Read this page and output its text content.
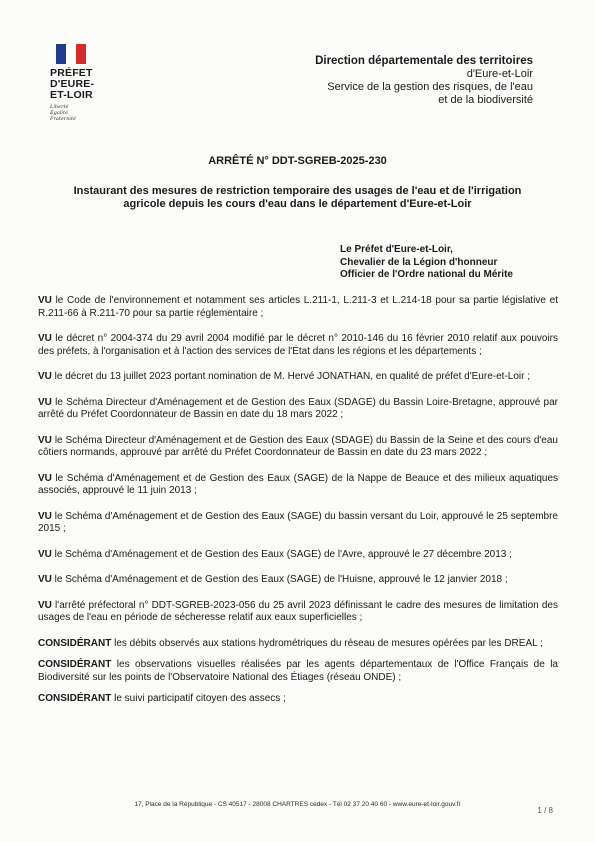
PRÉFET
D'EURE-
ET-LOIR
Liberté
Égalité
Fraternité
Direction départementale des territoires
d'Eure-et-Loir
Service de la gestion des risques, de l'eau
et de la biodiversité
ARRÊTÉ N° DDT-SGREB-2025-230
Instaurant des mesures de restriction temporaire des usages de l'eau et de l'irrigation agricole depuis les cours d'eau dans le département d'Eure-et-Loir
Le Préfet d'Eure-et-Loir,
Chevalier de la Légion d'honneur
Officier de l'Ordre national du Mérite

VU le Code de l'environnement et notamment ses articles L.211-1, L.211-3 et L.214-18 pour sa partie législative et R.211-66 à R.211-70 pour sa partie réglementaire ;

VU le décret n° 2004-374 du 29 avril 2004 modifié par le décret n° 2010-146 du 16 février 2010 relatif aux pouvoirs des préfets, à l'organisation et à l'action des services de l'État dans les régions et les départements ;

VU le décret du 13 juillet 2023 portant nomination de M. Hervé JONATHAN, en qualité de préfet d'Eure-et-Loir ;

VU le Schéma Directeur d'Aménagement et de Gestion des Eaux (SDAGE) du Bassin Loire-Bretagne, approuvé par arrêté du Préfet Coordonnateur de Bassin en date du 18 mars 2022 ;

VU le Schéma Directeur d'Aménagement et de Gestion des Eaux (SDAGE) du Bassin de la Seine et des cours d'eau côtiers normands, approuvé par arrêté du Préfet Coordonnateur de Bassin en date du 23 mars 2022 ;

VU le Schéma d'Aménagement et de Gestion des Eaux (SAGE) de la Nappe de Beauce et des milieux aquatiques associés, approuvé le 11 juin 2013 ;

VU le Schéma d'Aménagement et de Gestion des Eaux (SAGE) du bassin versant du Loir, approuvé le 25 septembre 2015 ;

VU le Schéma d'Aménagement et de Gestion des Eaux (SAGE) de l'Avre, approuvé le 27 décembre 2013 ;

VU le Schéma d'Aménagement et de Gestion des Eaux (SAGE) de l'Huisne, approuvé le 12 janvier 2018 ;

VU l'arrêté préfectoral n° DDT-SGREB-2023-056 du 25 avril 2023 définissant le cadre des mesures de limitation des usages de l'eau en période de sécheresse relatif aux eaux superficielles ;

CONSIDÉRANT les débits observés aux stations hydrométriques du réseau de mesures opérées par les DREAL ;

CONSIDÉRANT les observations visuelles réalisées par les agents départementaux de l'Office Français de la Biodiversité sur les points de l'Observatoire National des Étiages (réseau ONDE) ;

CONSIDÉRANT le suivi participatif citoyen des assecs ;

17, Place de la République - CS 40517 - 28008 CHARTRES cedex - Tél 02 37 20 40 60 - www.eure-et-loir.gouv.fr
1 / 8
